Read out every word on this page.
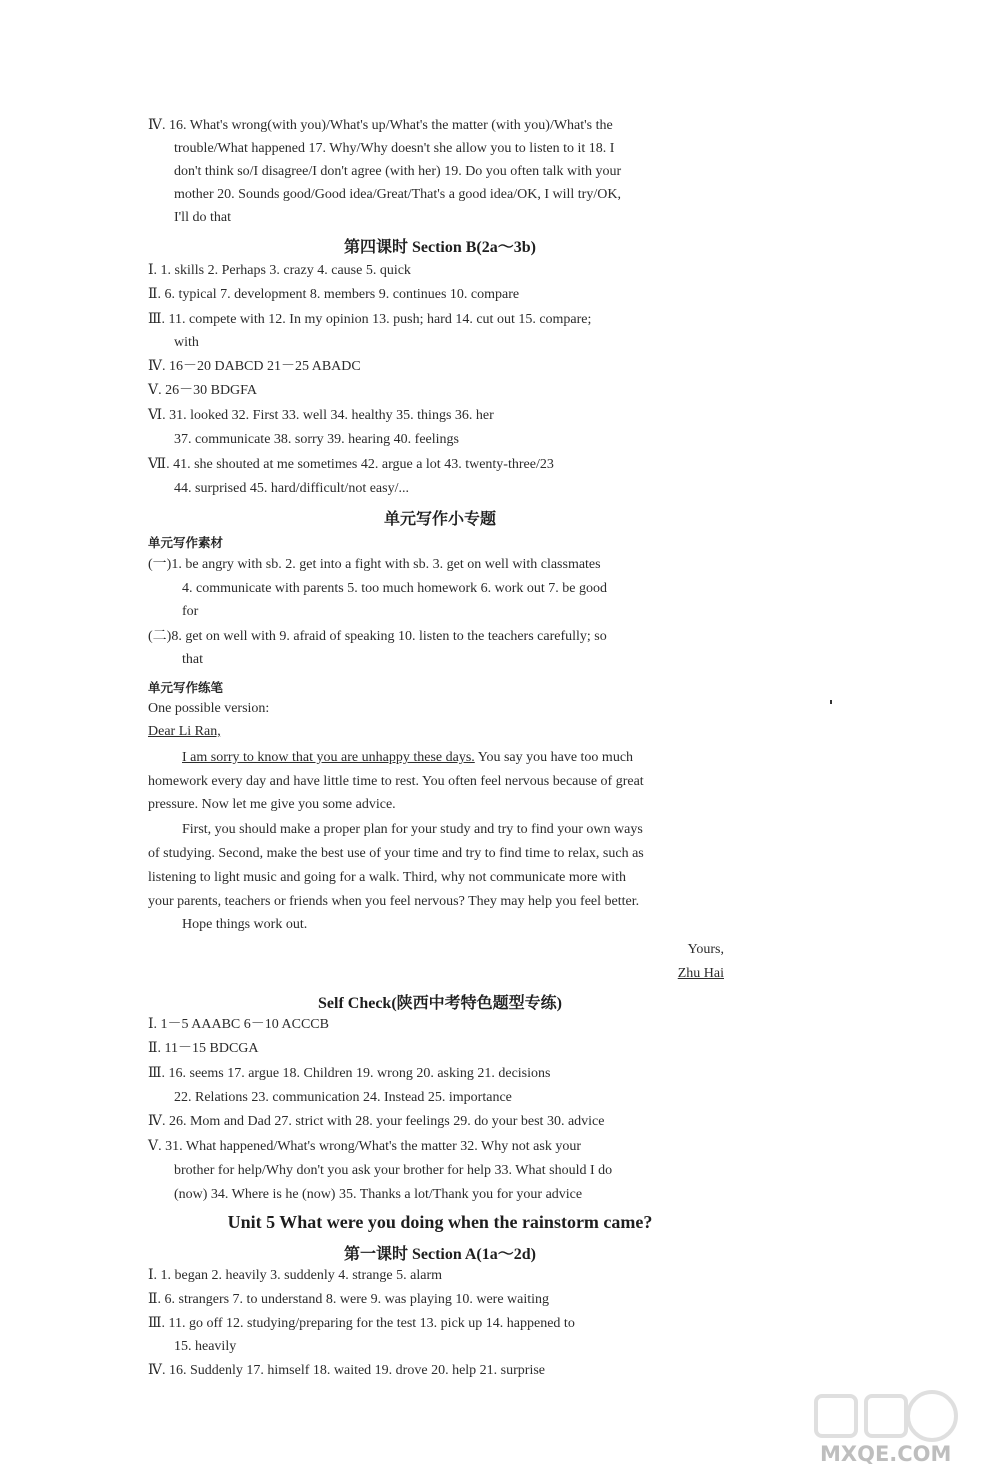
Ⅳ. 16. What's wrong(with you)/What's up/What's the matter (with you)/What's the
trouble/What happened 17. Why/Why doesn't she allow you to listen to it 18. I
don't think so/I disagree/I don't agree (with her) 19. Do you often talk with your
mother 20. Sounds good/Good idea/Great/That's a good idea/OK, I will try/OK,
I'll do that
第四课时 Section B(2a～3b)
Ⅰ. 1. skills 2. Perhaps 3. crazy 4. cause 5. quick
Ⅱ. 6. typical 7. development 8. members 9. continues 10. compare
Ⅲ. 11. compete with 12. In my opinion 13. push; hard 14. cut out 15. compare;
with
Ⅳ. 16－20 DABCD 21－25 ABADC
Ⅴ. 26－30 BDGFA
Ⅵ. 31. looked 32. First 33. well 34. healthy 35. things 36. her
37. communicate 38. sorry 39. hearing 40. feelings
Ⅶ. 41. she shouted at me sometimes 42. argue a lot 43. twenty-three/23
44. surprised 45. hard/difficult/not easy/...
单元写作小专题
单元写作素材
(一)1. be angry with sb. 2. get into a fight with sb. 3. get on well with classmates
4. communicate with parents 5. too much homework 6. work out 7. be good
for
(二)8. get on well with 9. afraid of speaking 10. listen to the teachers carefully; so
that
单元写作练笔
One possible version:
Dear Li Ran,
I am sorry to know that you are unhappy these days. You say you have too much
homework every day and have little time to rest. You often feel nervous because of great
pressure. Now let me give you some advice.
First, you should make a proper plan for your study and try to find your own ways
of studying. Second, make the best use of your time and try to find time to relax, such as
listening to light music and going for a walk. Third, why not communicate more with
your parents, teachers or friends when you feel nervous? They may help you feel better.
Hope things work out.
Yours,
Zhu Hai
Self Check(陕西中考特色题型专练)
Ⅰ. 1－5 AAABC 6－10 ACCCB
Ⅱ. 11－15 BDCGA
Ⅲ. 16. seems 17. argue 18. Children 19. wrong 20. asking 21. decisions
22. Relations 23. communication 24. Instead 25. importance
Ⅳ. 26. Mom and Dad 27. strict with 28. your feelings 29. do your best 30. advice
Ⅴ. 31. What happened/What's wrong/What's the matter 32. Why not ask your
brother for help/Why don't you ask your brother for help 33. What should I do
(now) 34. Where is he (now) 35. Thanks a lot/Thank you for your advice
Unit 5 What were you doing when the rainstorm came?
第一课时 Section A(1a～2d)
Ⅰ. 1. began 2. heavily 3. suddenly 4. strange 5. alarm
Ⅱ. 6. strangers 7. to understand 8. were 9. was playing 10. were waiting
Ⅲ. 11. go off 12. studying/preparing for the test 13. pick up 14. happened to
15. heavily
Ⅳ. 16. Suddenly 17. himself 18. waited 19. drove 20. help 21. surprise
MXQE.COM
